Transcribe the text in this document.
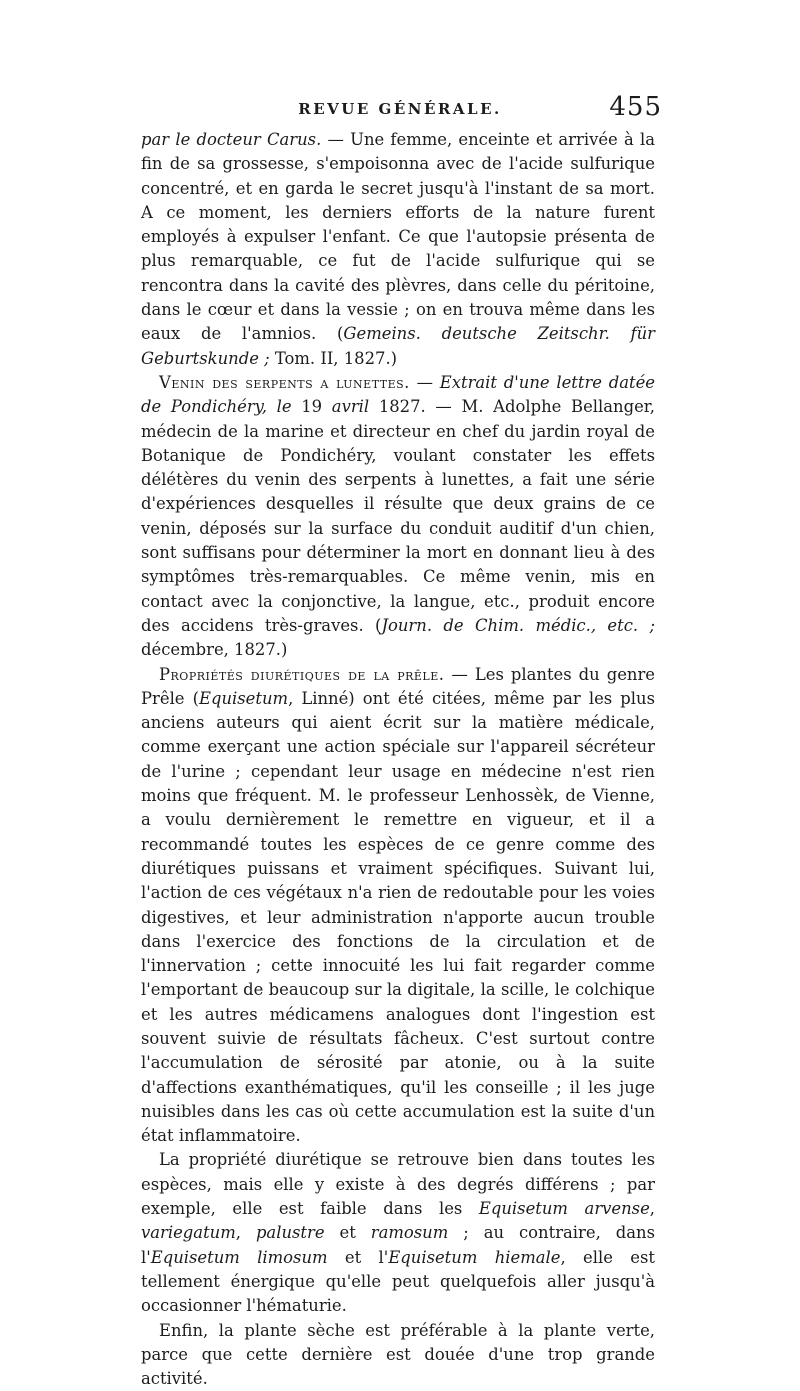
REVUE GÉNÉRALE.	455

par le docteur Carus. — Une femme, enceinte et arrivée à la fin de sa grossesse, s'empoisonna avec de l'acide sulfurique concentré, et en garda le secret jusqu'à l'instant de sa mort. A ce moment, les derniers efforts de la nature furent employés à expulser l'enfant. Ce que l'autopsie présenta de plus remarquable, ce fut de l'acide sulfurique qui se rencontra dans la cavité des plèvres, dans celle du péritoine, dans le cœur et dans la vessie ; on en trouva même dans les eaux de l'amnios. (Gemeins. deutsche Zeitschr. für Geburtskunde ; Tom. II, 1827.)

Venin des serpents a lunettes. — Extrait d'une lettre datée de Pondichéry, le 19 avril 1827. — M. Adolphe Bellanger, médecin de la marine et directeur en chef du jardin royal de Botanique de Pondichéry, voulant constater les effets délétères du venin des serpents à lunettes, a fait une série d'expériences desquelles il résulte que deux grains de ce venin, déposés sur la surface du conduit auditif d'un chien, sont suffisans pour déterminer la mort en donnant lieu à des symptômes très-remarquables. Ce même venin, mis en contact avec la conjonctive, la langue, etc., produit encore des accidens très-graves. (Journ. de Chim. médic., etc. ; décembre, 1827.)

Propriétés diurétiques de la prêle. — Les plantes du genre Prêle (Equisetum, Linné) ont été citées, même par les plus anciens auteurs qui aient écrit sur la matière médicale, comme exerçant une action spéciale sur l'appareil sécréteur de l'urine ; cependant leur usage en médecine n'est rien moins que fréquent. M. le professeur Lenhossèk, de Vienne, a voulu dernièrement le remettre en vigueur, et il a recommandé toutes les espèces de ce genre comme des diurétiques puissans et vraiment spécifiques. Suivant lui, l'action de ces végétaux n'a rien de redoutable pour les voies digestives, et leur administration n'apporte aucun trouble dans l'exercice des fonctions de la circulation et de l'innervation ; cette innocuité les lui fait regarder comme l'emportant de beaucoup sur la digitale, la scille, le colchique et les autres médicamens analogues dont l'ingestion est souvent suivie de résultats fâcheux. C'est surtout contre l'accumulation de sérosité par atonie, ou à la suite d'affections exanthématiques, qu'il les conseille ; il les juge nuisibles dans les cas où cette accumulation est la suite d'un état inflammatoire.

La propriété diurétique se retrouve bien dans toutes les espèces, mais elle y existe à des degrés différens ; par exemple, elle est faible dans les Equisetum arvense, variegatum, palustre et ramosum ; au contraire, dans l'Equisetum limosum et l'Equisetum hiemale, elle est tellement énergique qu'elle peut quelquefois aller jusqu'à occasionner l'hématurie.

Enfin, la plante sèche est préférable à la plante verte, parce que cette dernière est douée d'une trop grande activité.
